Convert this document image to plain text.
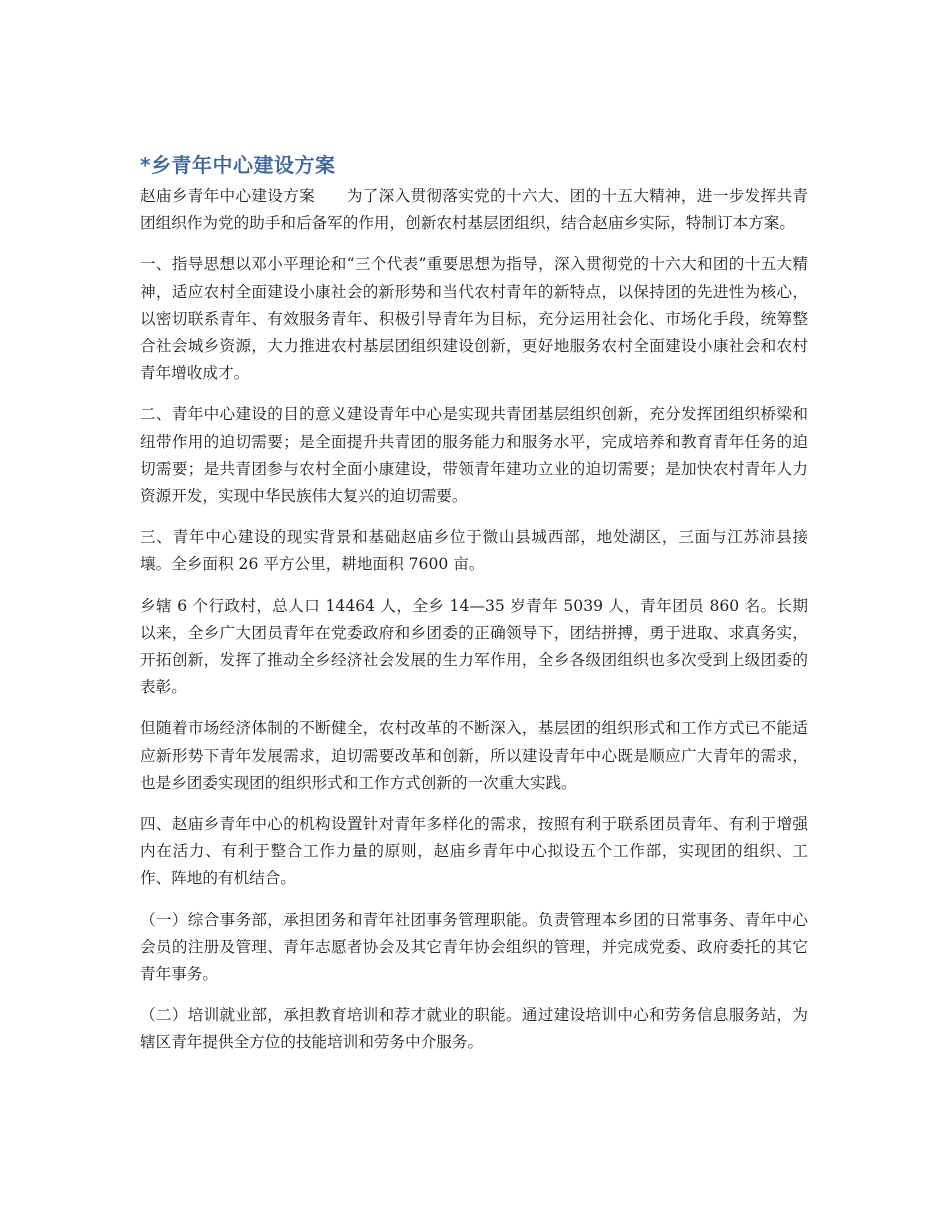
*乡青年中心建设方案

赵庙乡青年中心建设方案　　为了深入贯彻落实党的十六大、团的十五大精神，进一步发挥共青团组织作为党的助手和后备军的作用，创新农村基层团组织，结合赵庙乡实际，特制订本方案。

一、指导思想以邓小平理论和“三个代表”重要思想为指导，深入贯彻党的十六大和团的十五大精神，适应农村全面建设小康社会的新形势和当代农村青年的新特点，以保持团的先进性为核心，以密切联系青年、有效服务青年、积极引导青年为目标，充分运用社会化、市场化手段，统筹整合社会城乡资源，大力推进农村基层团组织建设创新，更好地服务农村全面建设小康社会和农村青年增收成才。

二、青年中心建设的目的意义建设青年中心是实现共青团基层组织创新，充分发挥团组织桥梁和纽带作用的迫切需要；是全面提升共青团的服务能力和服务水平，完成培养和教育青年任务的迫切需要；是共青团参与农村全面小康建设，带领青年建功立业的迫切需要；是加快农村青年人力资源开发，实现中华民族伟大复兴的迫切需要。

三、青年中心建设的现实背景和基础赵庙乡位于微山县城西部，地处湖区，三面与江苏沛县接壤。全乡面积 26 平方公里，耕地面积 7600 亩。

乡辖 6 个行政村，总人口 14464 人，全乡 14—35 岁青年 5039 人，青年团员 860 名。长期以来，全乡广大团员青年在党委政府和乡团委的正确领导下，团结拼搏，勇于进取、求真务实，开拓创新，发挥了推动全乡经济社会发展的生力军作用，全乡各级团组织也多次受到上级团委的表彰。

但随着市场经济体制的不断健全，农村改革的不断深入，基层团的组织形式和工作方式已不能适应新形势下青年发展需求，迫切需要改革和创新，所以建设青年中心既是顺应广大青年的需求，也是乡团委实现团的组织形式和工作方式创新的一次重大实践。

四、赵庙乡青年中心的机构设置针对青年多样化的需求，按照有利于联系团员青年、有利于增强内在活力、有利于整合工作力量的原则，赵庙乡青年中心拟设五个工作部，实现团的组织、工作、阵地的有机结合。

（一）综合事务部，承担团务和青年社团事务管理职能。负责管理本乡团的日常事务、青年中心会员的注册及管理、青年志愿者协会及其它青年协会组织的管理，并完成党委、政府委托的其它青年事务。

（二）培训就业部，承担教育培训和荐才就业的职能。通过建设培训中心和劳务信息服务站，为辖区青年提供全方位的技能培训和劳务中介服务。
